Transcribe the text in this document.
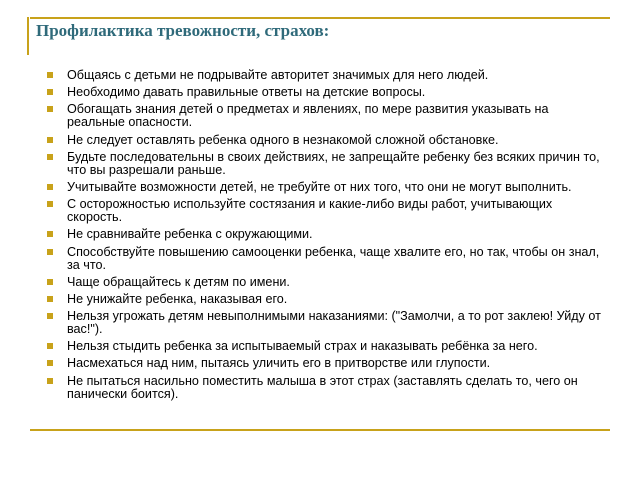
Профилактика тревожности, страхов:
Общаясь с детьми не подрывайте авторитет значимых для него людей.
Необходимо давать правильные ответы на детские вопросы.
Обогащать знания детей о предметах и явлениях, по мере развития указывать на реальные опасности.
Не следует оставлять ребенка одного в незнакомой сложной обстановке.
Будьте последовательны в своих действиях, не запрещайте ребенку без всяких причин то, что вы разрешали раньше.
Учитывайте возможности детей, не требуйте от них того, что они не могут выполнить.
С осторожностью используйте состязания и какие-либо виды работ, учитывающих скорость.
Не сравнивайте ребенка с окружающими.
Способствуйте повышению самооценки ребенка, чаще хвалите его, но так, чтобы он знал, за что.
Чаще обращайтесь к детям по имени.
Не унижайте ребенка, наказывая его.
Нельзя угрожать детям невыполнимыми наказаниями: ("Замолчи, а то рот заклею! Уйду от вас!").
Нельзя стыдить ребенка за испытываемый страх и наказывать ребёнка за него.
Насмехаться над ним, пытаясь уличить его в притворстве или глупости.
Не пытаться насильно поместить малыша в этот страх (заставлять сделать то, чего он панически боится).
